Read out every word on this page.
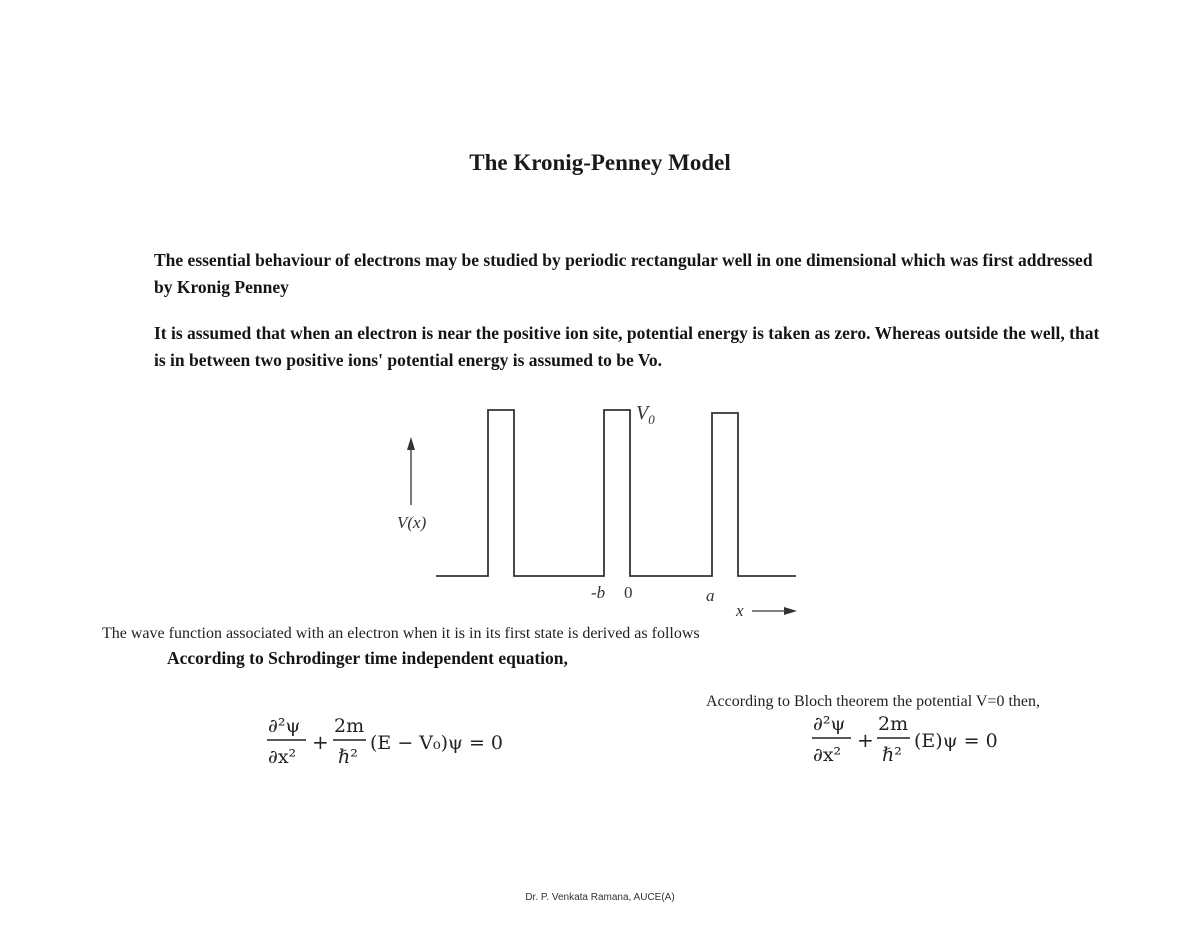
The Kronig-Penney Model
The essential behaviour of electrons may be studied by periodic rectangular well in one dimensional which was first addressed by Kronig Penney
It is assumed that when an electron is near the positive ion site, potential energy is taken as zero. Whereas outside the well, that is in between two positive ions' potential energy is assumed to be Vo.
V(x)
$V_0$
-b 0	a
x
The wave function associated with an electron when it is in its first state is derived as follows
According to Schrodinger time independent equation,
According to Bloch theorem the potential V=0 then,
∂²ψ
∂x²
+
2m
ℏ²
(E − V₀)ψ = 0
∂²ψ
∂x²
+
2m
ℏ²
(E)ψ = 0
Dr. P. Venkata Ramana, AUCE(A)
